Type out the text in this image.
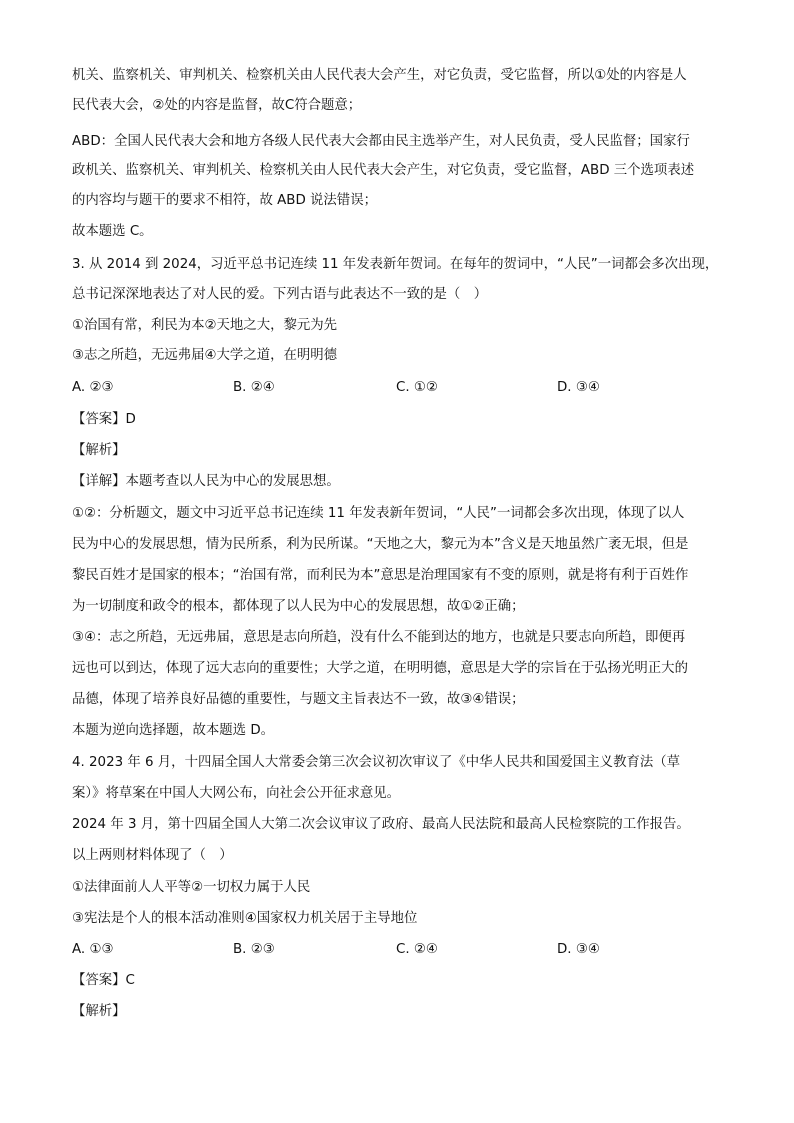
机关、监察机关、审判机关、检察机关由人民代表大会产生，对它负责，受它监督，所以①处的内容是人
民代表大会，②处的内容是监督，故C符合题意；
ABD：全国人民代表大会和地方各级人民代表大会都由民主选举产生，对人民负责，受人民监督；国家行
政机关、监察机关、审判机关、检察机关由人民代表大会产生，对它负责，受它监督，ABD 三个选项表述
的内容均与题干的要求不相符，故 ABD 说法错误；
故本题选 C。
3. 从 2014 到 2024，习近平总书记连续 11 年发表新年贺词。在每年的贺词中，“人民”一词都会多次出现，
总书记深深地表达了对人民的爱。下列古语与此表达不一致的是（　）
①治国有常，利民为本②天地之大，黎元为先
③志之所趋，无远弗届④大学之道，在明明德
A. ②③	B. ②④	C. ①②	D. ③④
【答案】D
【解析】
【详解】本题考查以人民为中心的发展思想。
①②：分析题文，题文中习近平总书记连续 11 年发表新年贺词，“人民”一词都会多次出现，体现了以人
民为中心的发展思想，情为民所系，利为民所谋。“天地之大，黎元为本”含义是天地虽然广袤无垠，但是
黎民百姓才是国家的根本；“治国有常，而利民为本”意思是治理国家有不变的原则，就是将有利于百姓作
为一切制度和政令的根本，都体现了以人民为中心的发展思想，故①②正确；
③④：志之所趋，无远弗届，意思是志向所趋，没有什么不能到达的地方，也就是只要志向所趋，即便再
远也可以到达，体现了远大志向的重要性；大学之道，在明明德，意思是大学的宗旨在于弘扬光明正大的
品德，体现了培养良好品德的重要性，与题文主旨表达不一致，故③④错误；
本题为逆向选择题，故本题选 D。
4. 2023 年 6 月，十四届全国人大常委会第三次会议初次审议了《中华人民共和国爱国主义教育法（草
案）》将草案在中国人大网公布，向社会公开征求意见。
2024 年 3 月，第十四届全国人大第二次会议审议了政府、最高人民法院和最高人民检察院的工作报告。
以上两则材料体现了（　）
①法律面前人人平等②一切权力属于人民
③宪法是个人的根本活动准则④国家权力机关居于主导地位
A. ①③	B. ②③	C. ②④	D. ③④
【答案】C
【解析】
